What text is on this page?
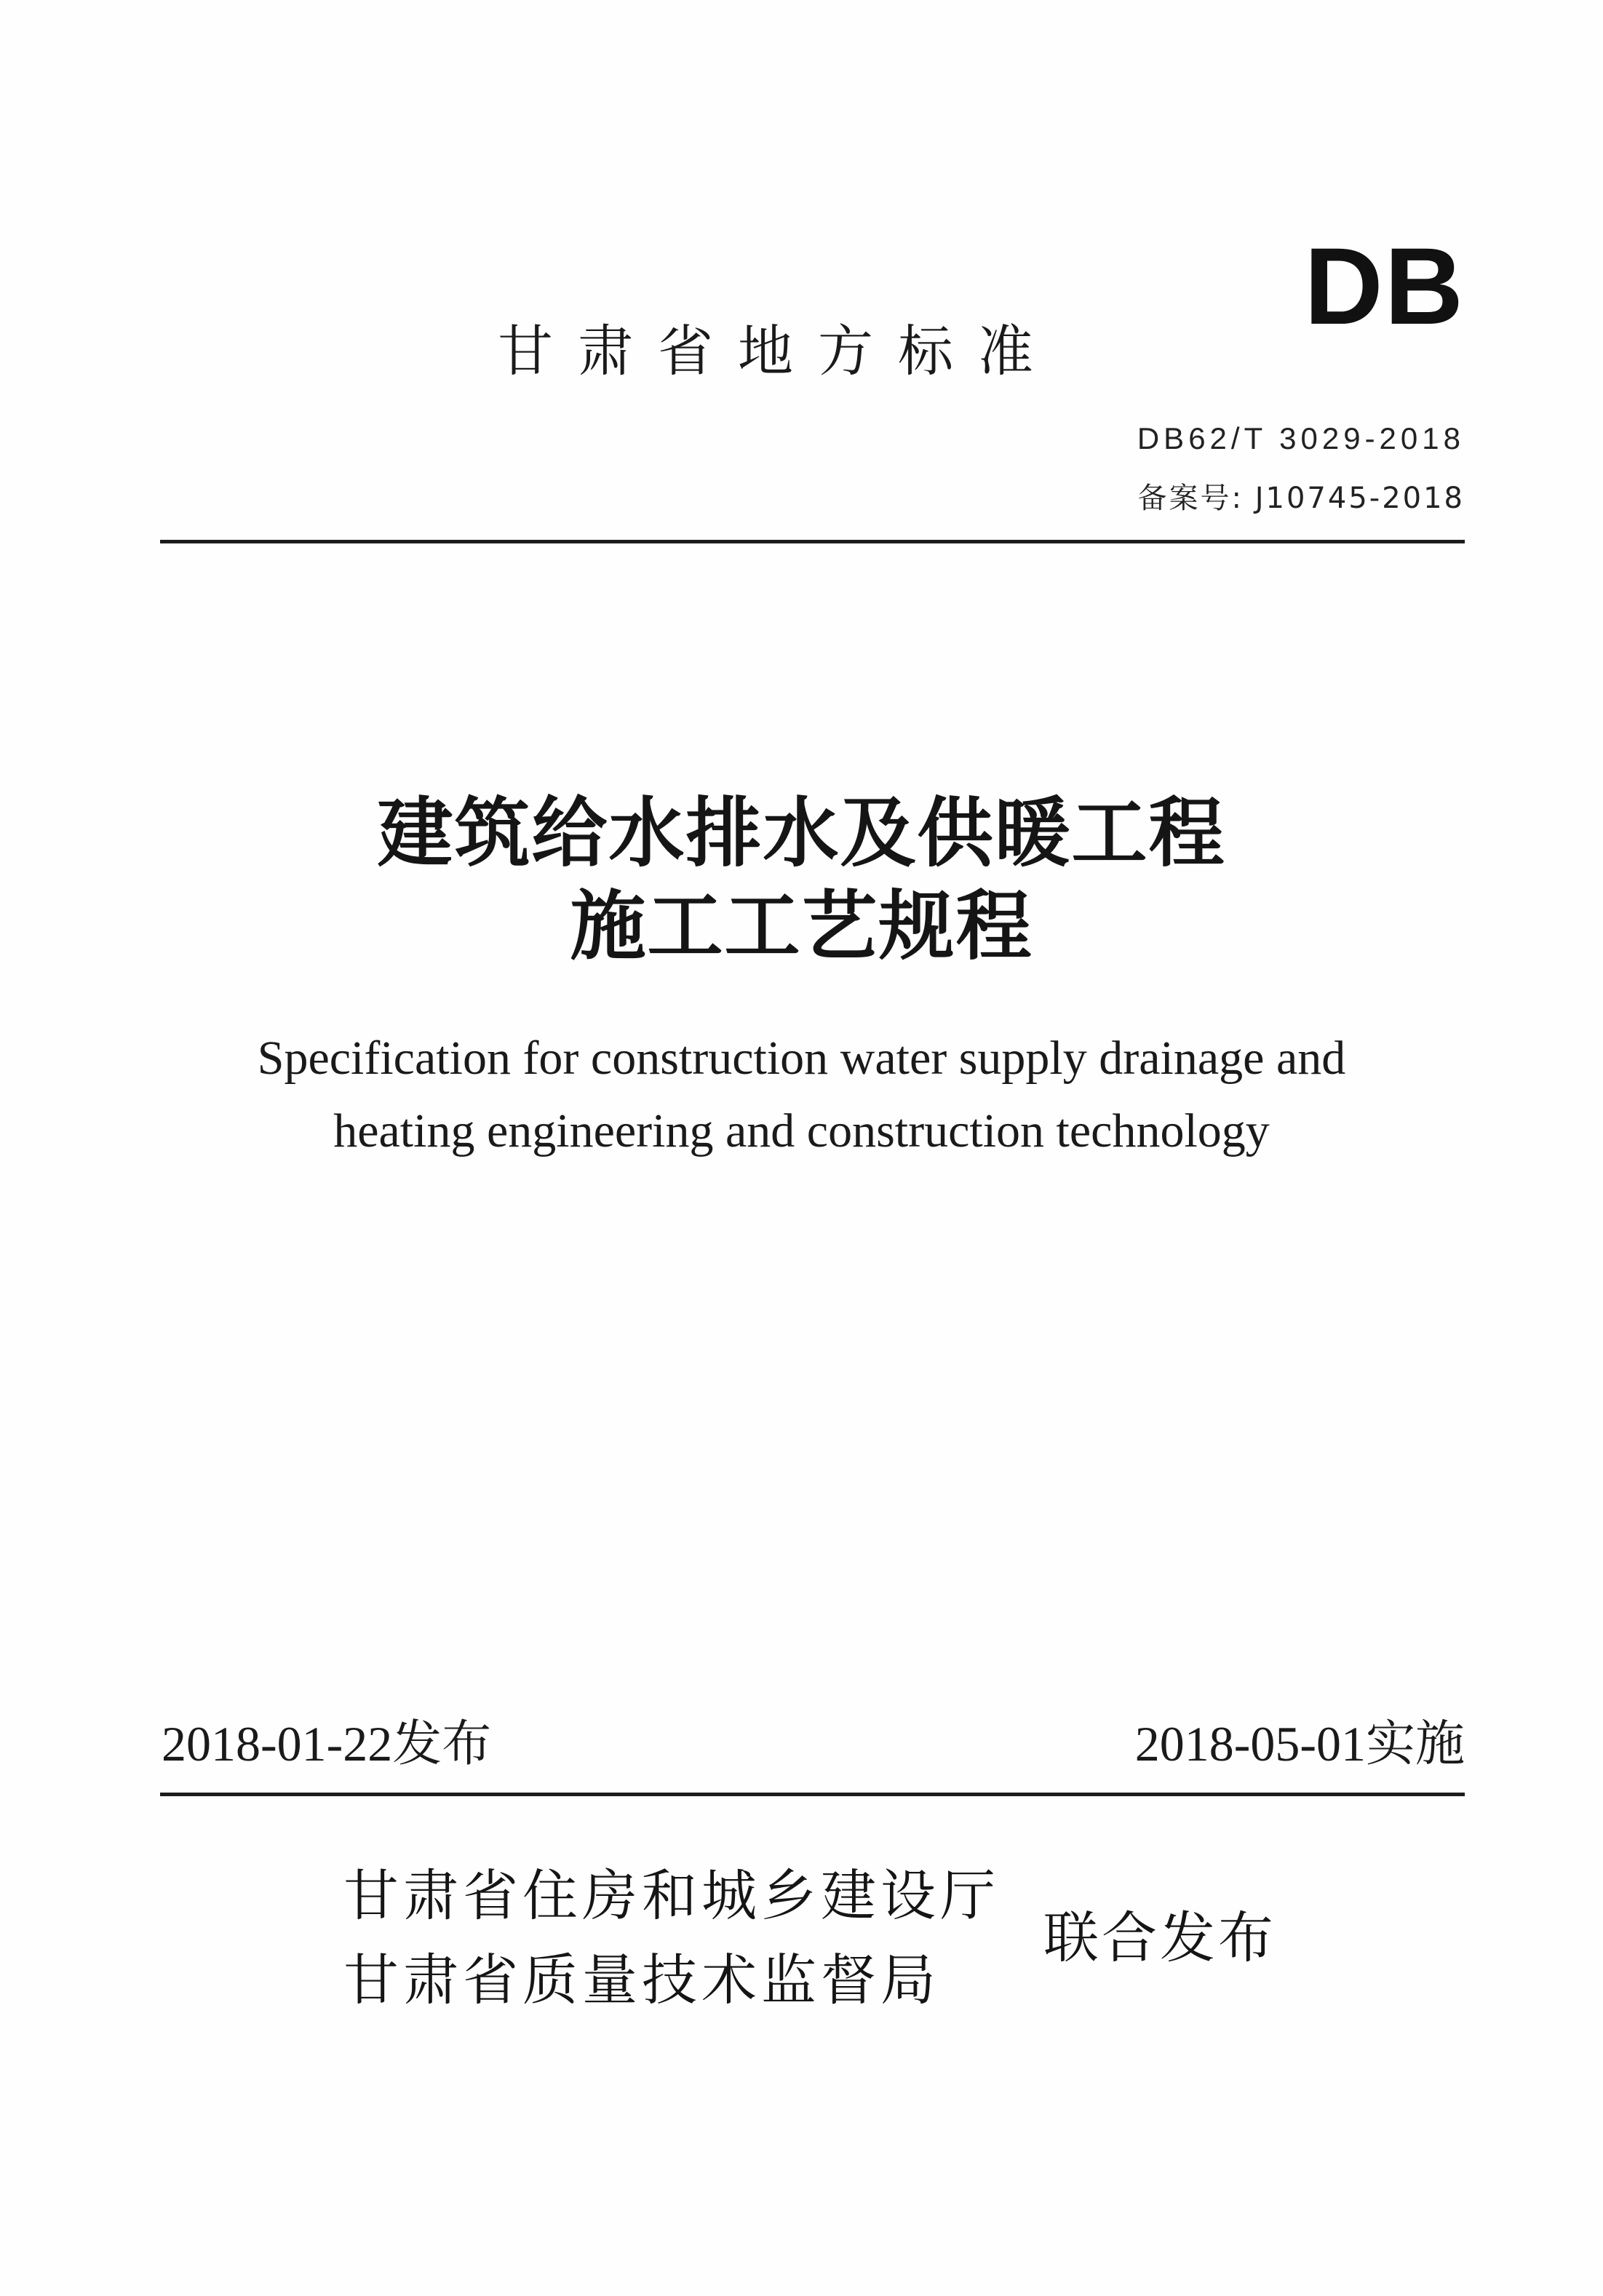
DB
甘肃省地方标准
DB62/T 3029-2018
备案号: J10745-2018
建筑给水排水及供暖工程
施工工艺规程
Specification for construction water supply drainage and
heating engineering and construction technology
2018-01-22发布	2018-05-01实施
甘肃省住房和城乡建设厅
甘肃省质量技术监督局
联合发布
